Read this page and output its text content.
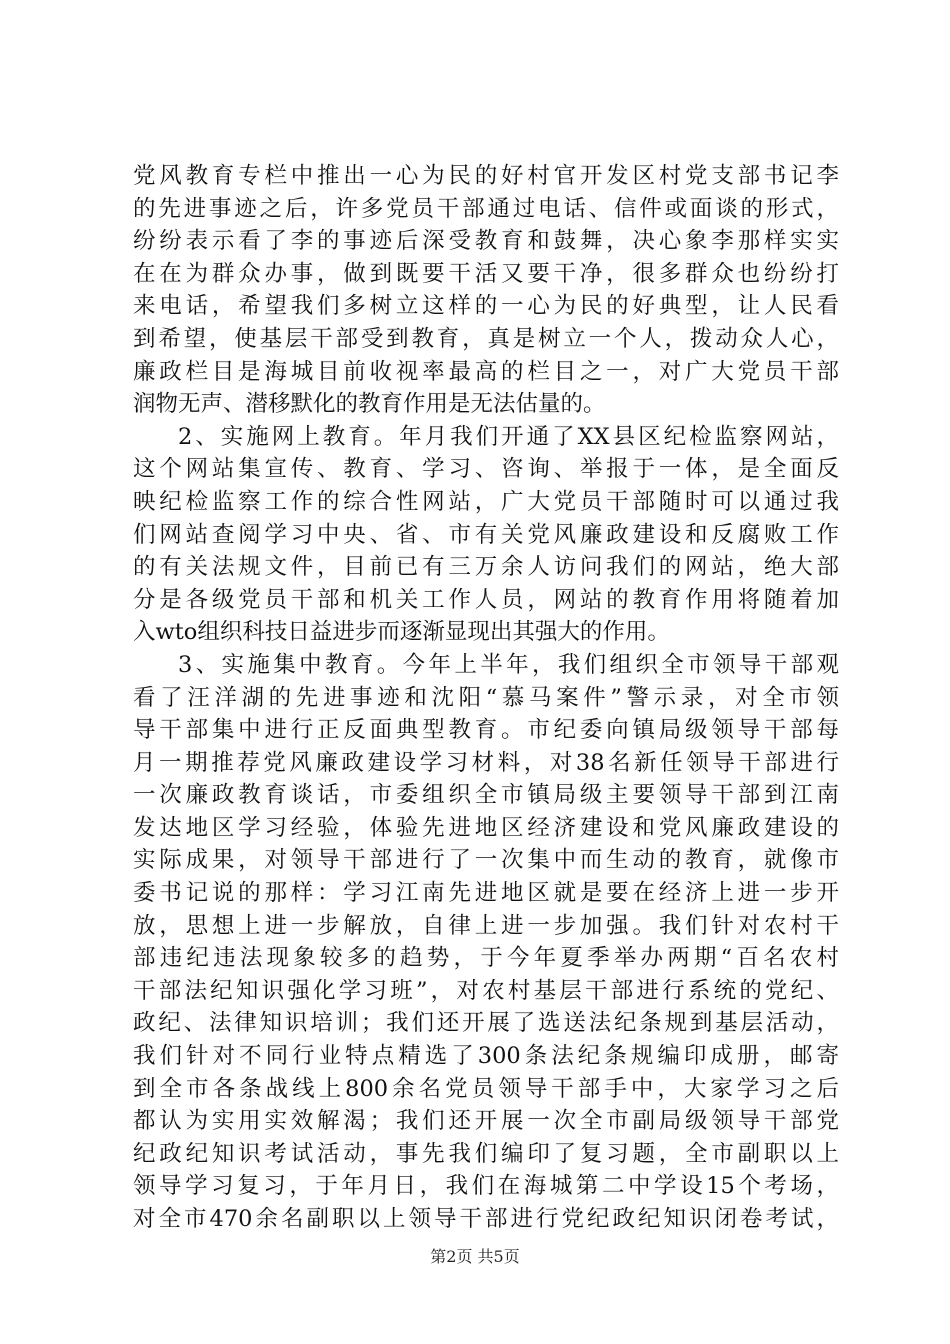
党风教育专栏中推出一心为民的好村官开发区村党支部书记李
的先进事迹之后，许多党员干部通过电话、信件或面谈的形式，
纷纷表示看了李的事迹后深受教育和鼓舞，决心象李那样实实
在在为群众办事，做到既要干活又要干净，很多群众也纷纷打
来电话，希望我们多树立这样的一心为民的好典型，让人民看
到希望，使基层干部受到教育，真是树立一个人，拨动众人心，
廉政栏目是海城目前收视率最高的栏目之一，对广大党员干部
润物无声、潜移默化的教育作用是无法估量的。
2、实施网上教育。年月我们开通了XX县区纪检监察网站，
这个网站集宣传、教育、学习、咨询、举报于一体，是全面反
映纪检监察工作的综合性网站，广大党员干部随时可以通过我
们网站查阅学习中央、省、市有关党风廉政建设和反腐败工作
的有关法规文件，目前已有三万余人访问我们的网站，绝大部
分是各级党员干部和机关工作人员，网站的教育作用将随着加
入wto组织科技日益进步而逐渐显现出其强大的作用。
3、实施集中教育。今年上半年，我们组织全市领导干部观
看了汪洋湖的先进事迹和沈阳“慕马案件”警示录，对全市领
导干部集中进行正反面典型教育。市纪委向镇局级领导干部每
月一期推荐党风廉政建设学习材料，对38名新任领导干部进行
一次廉政教育谈话，市委组织全市镇局级主要领导干部到江南
发达地区学习经验，体验先进地区经济建设和党风廉政建设的
实际成果，对领导干部进行了一次集中而生动的教育，就像市
委书记说的那样：学习江南先进地区就是要在经济上进一步开
放，思想上进一步解放，自律上进一步加强。我们针对农村干
部违纪违法现象较多的趋势，于今年夏季举办两期“百名农村
干部法纪知识强化学习班”，对农村基层干部进行系统的党纪、
政纪、法律知识培训；我们还开展了选送法纪条规到基层活动，
我们针对不同行业特点精选了300条法纪条规编印成册，邮寄
到全市各条战线上800余名党员领导干部手中，大家学习之后
都认为实用实效解渴；我们还开展一次全市副局级领导干部党
纪政纪知识考试活动，事先我们编印了复习题，全市副职以上
领导学习复习，于年月日，我们在海城第二中学设15个考场，
对全市470余名副职以上领导干部进行党纪政纪知识闭卷考试，
第2页 共5页
